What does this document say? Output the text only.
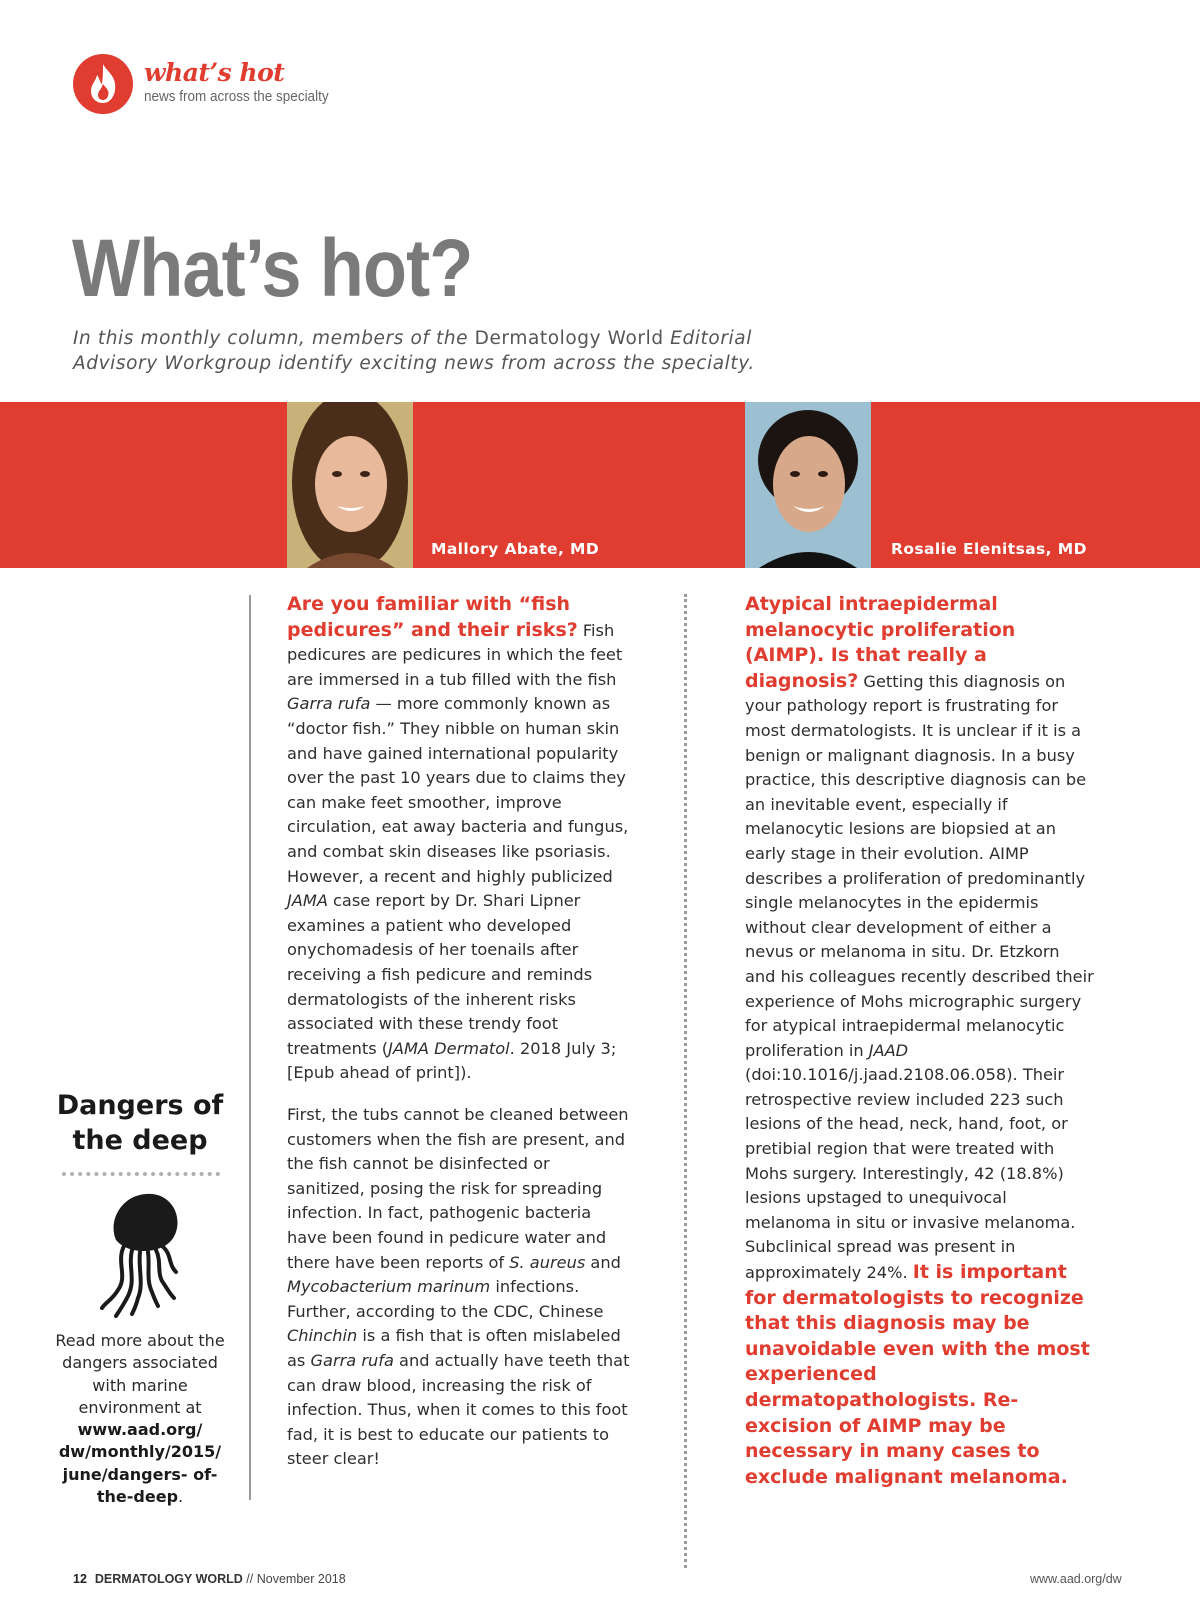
what’s hot
news from across the specialty
What’s hot?

In this monthly column, members of the Dermatology World Editorial Advisory Workgroup identify exciting news from across the specialty.

Mallory Abate, MD	Rosalie Elenitsas, MD
Dangers of
the deep

Read more about the dangers associated with marine environment at www.aad.org/ dw/monthly/2015/ june/dangers- of-the-deep.

Are you familiar with “fish pedicures” and their risks? Fish pedicures are pedicures in which the feet are immersed in a tub filled with the fish Garra rufa — more commonly known as “doctor fish.” They nibble on human skin and have gained international popularity over the past 10 years due to claims they can make feet smoother, improve circulation, eat away bacteria and fungus, and combat skin diseases like psoriasis. However, a recent and highly publicized JAMA case report by Dr. Shari Lipner examines a patient who developed onychomadesis of her toenails after receiving a fish pedicure and reminds dermatologists of the inherent risks associated with these trendy foot treatments (JAMA Dermatol. 2018 July 3; [Epub ahead of print]).

First, the tubs cannot be cleaned between customers when the fish are present, and the fish cannot be disinfected or sanitized, posing the risk for spreading infection. In fact, pathogenic bacteria have been found in pedicure water and there have been reports of S. aureus and Mycobacterium marinum infections. Further, according to the CDC, Chinese Chinchin is a fish that is often mislabeled as Garra rufa and actually have teeth that can draw blood, increasing the risk of infection. Thus, when it comes to this foot fad, it is best to educate our patients to steer clear!

Atypical intraepidermal melanocytic proliferation (AIMP). Is that really a diagnosis? Getting this diagnosis on your pathology report is frustrating for most dermatologists. It is unclear if it is a benign or malignant diagnosis. In a busy practice, this descriptive diagnosis can be an inevitable event, especially if melanocytic lesions are biopsied at an early stage in their evolution. AIMP describes a proliferation of predominantly single melanocytes in the epidermis without clear development of either a nevus or melanoma in situ. Dr. Etzkorn and his colleagues recently described their experience of Mohs micrographic surgery for atypical intraepidermal melanocytic proliferation in JAAD (doi:10.1016/j.jaad.2108.06.058). Their retrospective review included 223 such lesions of the head, neck, hand, foot, or pretibial region that were treated with Mohs surgery. Interestingly, 42 (18.8%) lesions upstaged to unequivocal melanoma in situ or invasive melanoma. Subclinical spread was present in approximately 24%. It is important for dermatologists to recognize that this diagnosis may be unavoidable even with the most experienced dermatopathologists. Re-excision of AIMP may be necessary in many cases to exclude malignant melanoma.

12 DERMATOLOGY WORLD // November 2018	www.aad.org/dw
